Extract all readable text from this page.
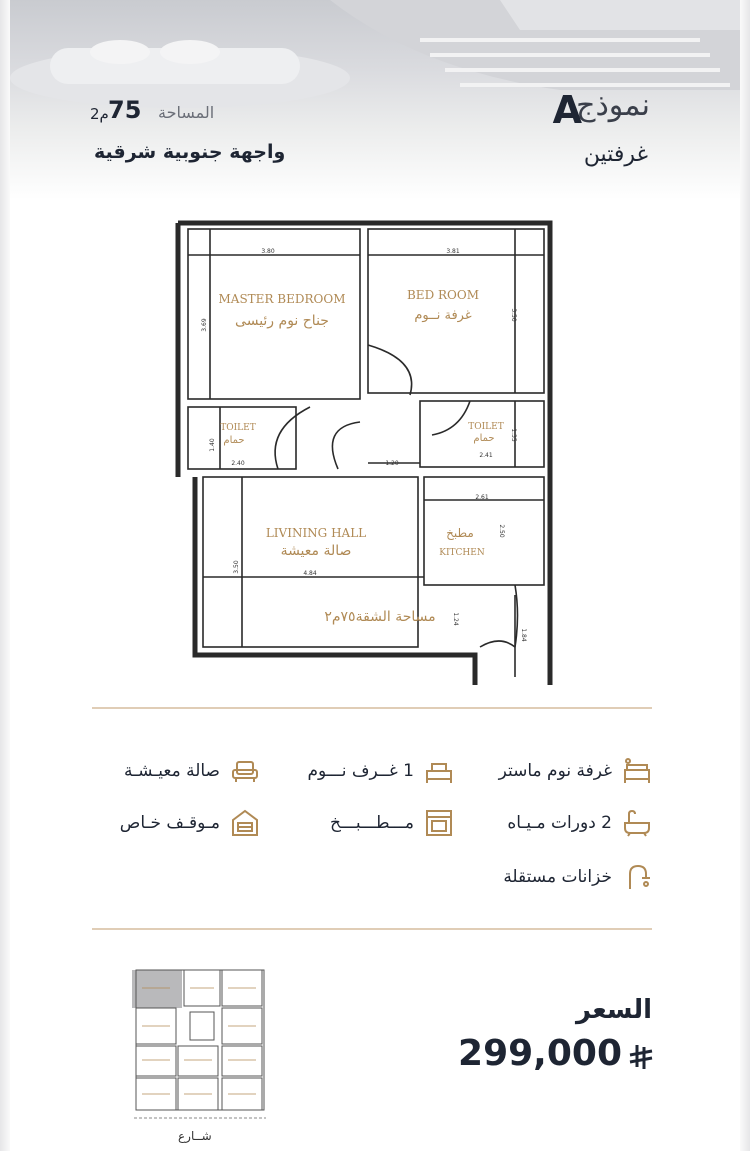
نموذج
A
غرفتين
المساحة
75
م2
واجهة جنوبية شرقية
MASTER BEDROOM
جناح نوم رئيسى
BED ROOM
غرفة نــوم
TOILET
حمام
TOILET
حمام
LIVINING HALL
صالة معيشة
مطبخ
KITCHEN
مساحة الشقة٧٥م٢
3.80	3.81
3.69
3.50
1.40
2.40	1.20
2.41
1.35
2.61
2.50
3.50	4.84
1.24
1.84
غرفة نوم ماستر
1 غــرف نـــوم
صالة معيـشـة
2 دورات مـيـاه
مـــطـــبـــخ
مـوقـف خـاص
خزانات مستقلة
شــارع
السعر
299,000
